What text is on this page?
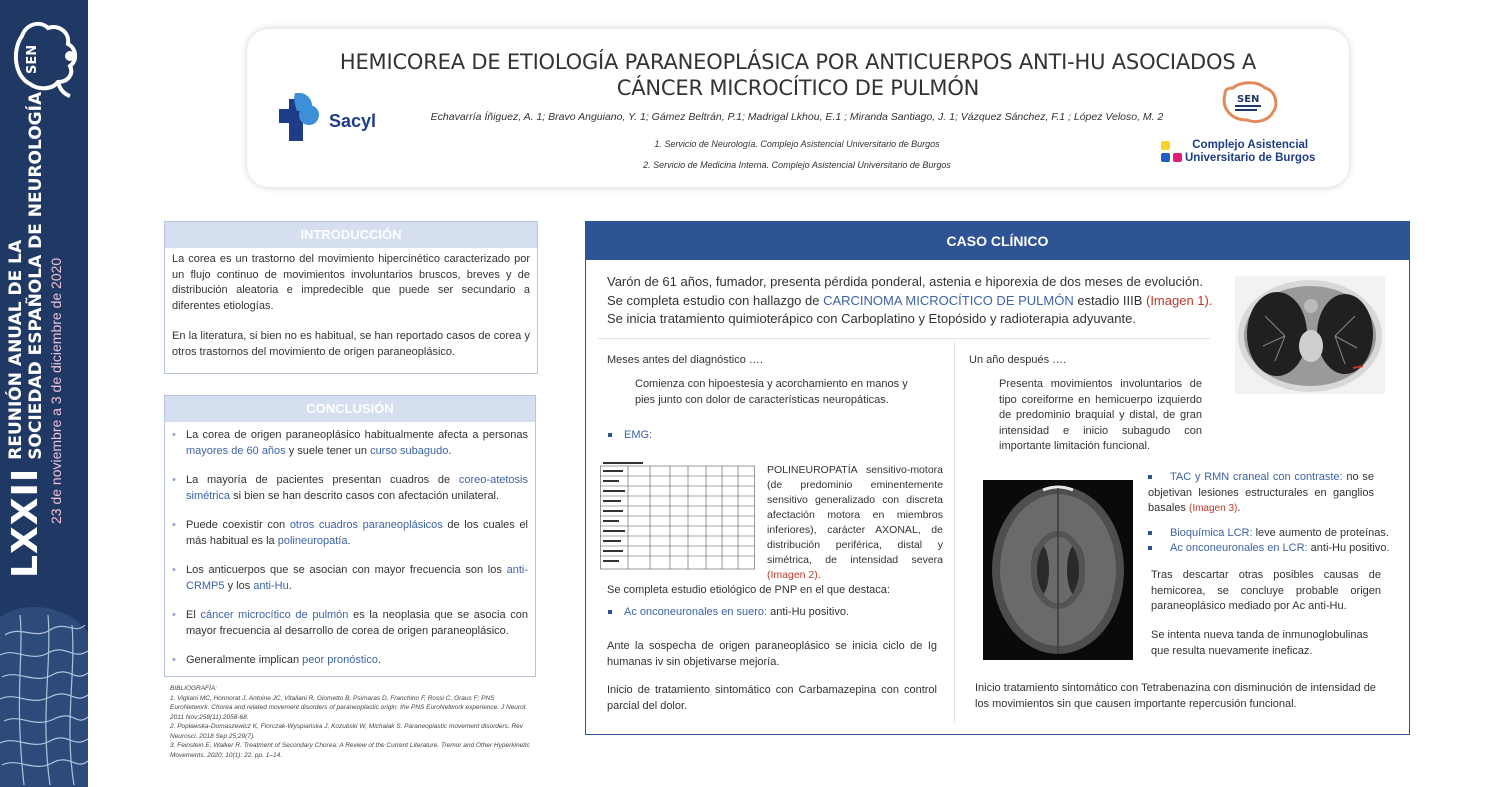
SEN
LXXII
REUNIÓN ANUAL DE LA SOCIEDAD ESPAÑOLA DE NEUROLOGÍA 23 de noviembre a 3 de diciembre de 2020
HEMICOREA DE ETIOLOGÍA PARANEOPLÁSICA POR ANTICUERPOS ANTI-HU ASOCIADOS A
CÁNCER MICROCÍTICO DE PULMÓN
Sacyl	Echavarría Íñiguez, A. 1; Bravo Anguiano, Y. 1; Gámez Beltrán, P.1; Madrigal Lkhou, E.1 ; Miranda Santiago, J. 1; Vázquez Sánchez, F.1 ; López Veloso, M. 2
1. Servicio de Neurología. Complejo Asistencial Universitario de Burgos
2. Servicio de Medicina Interna. Complejo Asistencial Universitario de Burgos
SEN
Complejo Asistencial
Universitario de Burgos
INTRODUCCIÓN

La corea es un trastorno del movimiento hipercinético caracterizado por un flujo continuo de movimientos involuntarios bruscos, breves y de distribución aleatoria e impredecible que puede ser secundario a diferentes etiologías.

En la literatura, si bien no es habitual, se han reportado casos de corea y otros trastornos del movimiento de origen paraneoplásico.

CONCLUSIÓN
• La corea de origen paraneoplásico habitualmente afecta a personas mayores de 60 años y suele tener un curso subagudo.
• La mayoría de pacientes presentan cuadros de coreo-atetosis simétrica si bien se han descrito casos con afectación unilateral.
• Puede coexistir con otros cuadros paraneoplásicos de los cuales el más habitual es la polineuropatía.
• Los anticuerpos que se asocian con mayor frecuencia son los anti-CRMP5 y los anti-Hu.
• El cáncer microcítico de pulmón es la neoplasia que se asocia con mayor frecuencia al desarrollo de corea de origen paraneoplásico.
• Generalmente implican peor pronóstico.
BIBLIOGRAFÍA:
1. Vigliani MC, Honnorat J, Antoine JC, Vitaliani R, Giometto B, Psimaras D, Franchino F, Rossi C, Graus F; PNS EuroNetwork. Chorea and related movement disorders of paraneoplastic origin: the PNS EuroNetwork experience. J Neurol. 2011 Nov;258(11):2058-68.
2. Popławska-Domaszewicz K, Florczak-Wyspiańska J, Kozubski W, Michalak S. Paraneoplastic movement disorders. Rev Neurosci. 2018 Sep 25;29(7).
3. Feinstein E, Walker R. Treatment of Secondary Chorea: A Review of the Current Literature. Tremor and Other Hyperkinetic Movements. 2020; 10(1): 22, pp. 1–14.
CASO CLÍNICO
Varón de 61 años, fumador, presenta pérdida ponderal, astenia e hiporexia de dos meses de evolución.
Se completa estudio con hallazgo de CARCINOMA MICROCÍTICO DE PULMÓN estadio IIIB (Imagen 1).
Se inicia tratamiento quimioterápico con Carboplatino y Etopósido y radioterapia adyuvante.
Meses antes del diagnóstico ….
Comienza con hipoestesia y acorchamiento en manos y pies junto con dolor de características neuropáticas.
EMG:
POLINEUROPATÍA sensitivo-motora (de predominio eminentemente sensitivo generalizado con discreta afectación motora en miembros inferiores), carácter AXONAL, de distribución periférica, distal y simétrica, de intensidad severa (Imagen 2).
Se completa estudio etiológico de PNP en el que destaca:
Ac onconeuronales en suero: anti-Hu positivo.
Ante la sospecha de origen paraneoplásico se inicia ciclo de Ig humanas iv sin objetivarse mejoría.
Inicio de tratamiento sintomático con Carbamazepina con control parcial del dolor.
Un año después ….
Presenta movimientos involuntarios de tipo coreiforme en hemicuerpo izquierdo de predominio braquial y distal, de gran intensidad e inicio subagudo con importante limitación funcional.
TAC y RMN craneal con contraste: no se objetivan lesiones estructurales en ganglios basales (Imagen 3).
Bioquímica LCR: leve aumento de proteínas.
Ac onconeuronales en LCR: anti-Hu positivo.
Tras descartar otras posibles causas de hemicorea, se concluye probable origen paraneoplásico mediado por Ac anti-Hu.
Se intenta nueva tanda de inmunoglobulinas que resulta nuevamente ineficaz.
Inicio tratamiento sintomático con Tetrabenazina con disminución de intensidad de los movimientos sin que causen importante repercusión funcional.
